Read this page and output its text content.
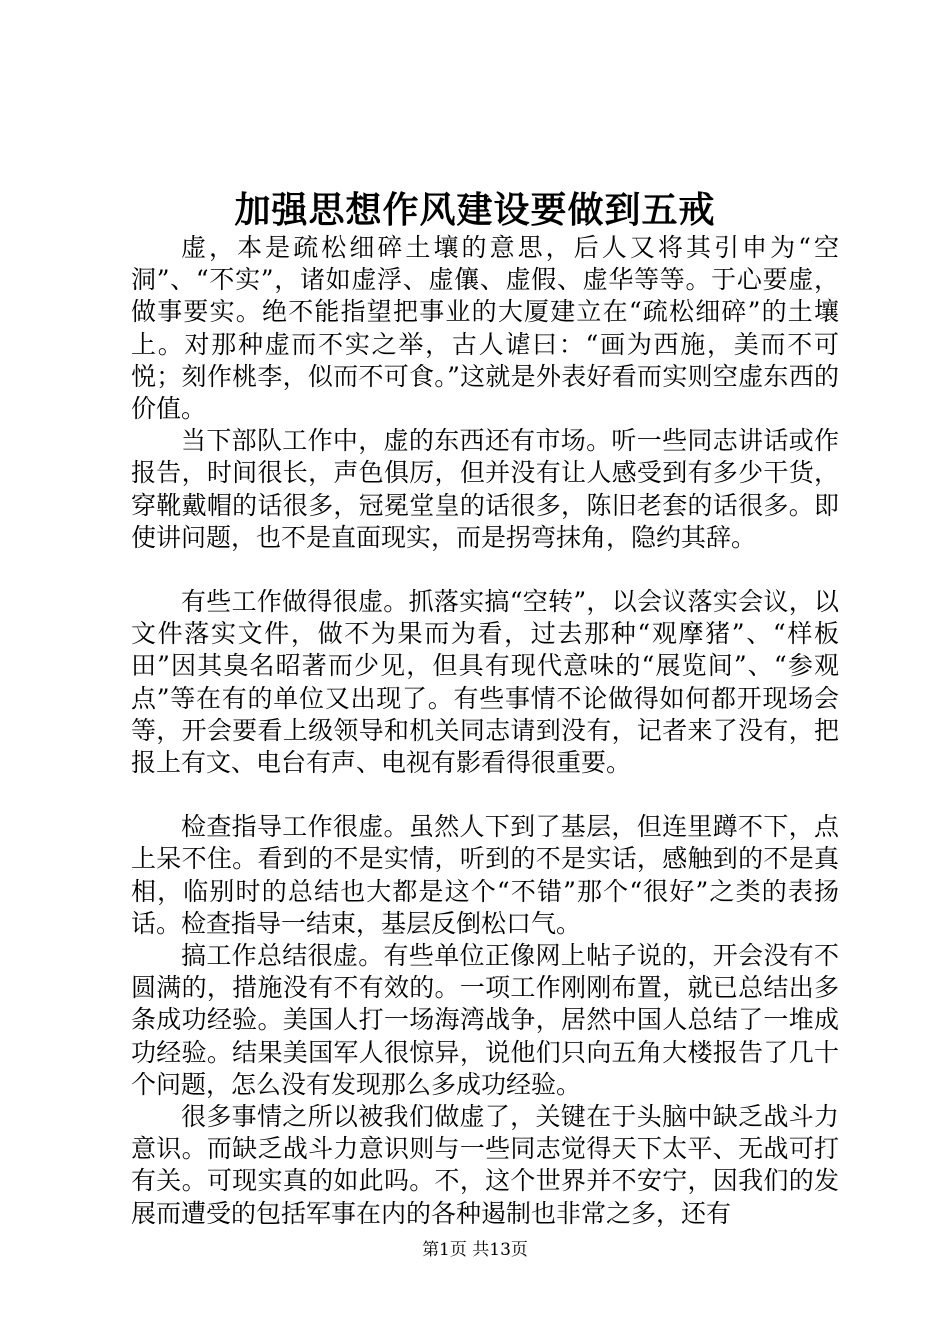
加强思想作风建设要做到五戒

虚，本是疏松细碎土壤的意思，后人又将其引申为“空洞”、“不实”，诸如虚浮、虚儴、虚假、虚华等等。于心要虚，做事要实。绝不能指望把事业的大厦建立在“疏松细碎”的土壤上。对那种虚而不实之举，古人谑曰：“画为西施，美而不可悦；刻作桃李，似而不可食。”这就是外表好看而实则空虚东西的价值。

当下部队工作中，虚的东西还有市场。听一些同志讲话或作报告，时间很长，声色俱厉，但并没有让人感受到有多少干货，穿靴戴帽的话很多，冠冕堂皇的话很多，陈旧老套的话很多。即使讲问题，也不是直面现实，而是拐弯抹角，隐约其辞。

有些工作做得很虚。抓落实搞“空转”，以会议落实会议，以文件落实文件，做不为果而为看，过去那种“观摩猪”、“样板田”因其臭名昭著而少见，但具有现代意味的“展览间”、“参观点”等在有的单位又出现了。有些事情不论做得如何都开现场会等，开会要看上级领导和机关同志请到没有，记者来了没有，把报上有文、电台有声、电视有影看得很重要。

检查指导工作很虚。虽然人下到了基层，但连里蹲不下，点上呆不住。看到的不是实情，听到的不是实话，感触到的不是真相，临别时的总结也大都是这个“不错”那个“很好”之类的表扬话。检查指导一结束，基层反倒松口气。

搞工作总结很虚。有些单位正像网上帖子说的，开会没有不圆满的，措施没有不有效的。一项工作刚刚布置，就已总结出多条成功经验。美国人打一场海湾战争，居然中国人总结了一堆成功经验。结果美国军人很惊异，说他们只向五角大楼报告了几十个问题，怎么没有发现那么多成功经验。

很多事情之所以被我们做虚了，关键在于头脑中缺乏战斗力意识。而缺乏战斗力意识则与一些同志觉得天下太平、无战可打有关。可现实真的如此吗。不，这个世界并不安宁，因我们的发展而遭受的包括军事在内的各种遏制也非常之多，还有

第1页 共13页
